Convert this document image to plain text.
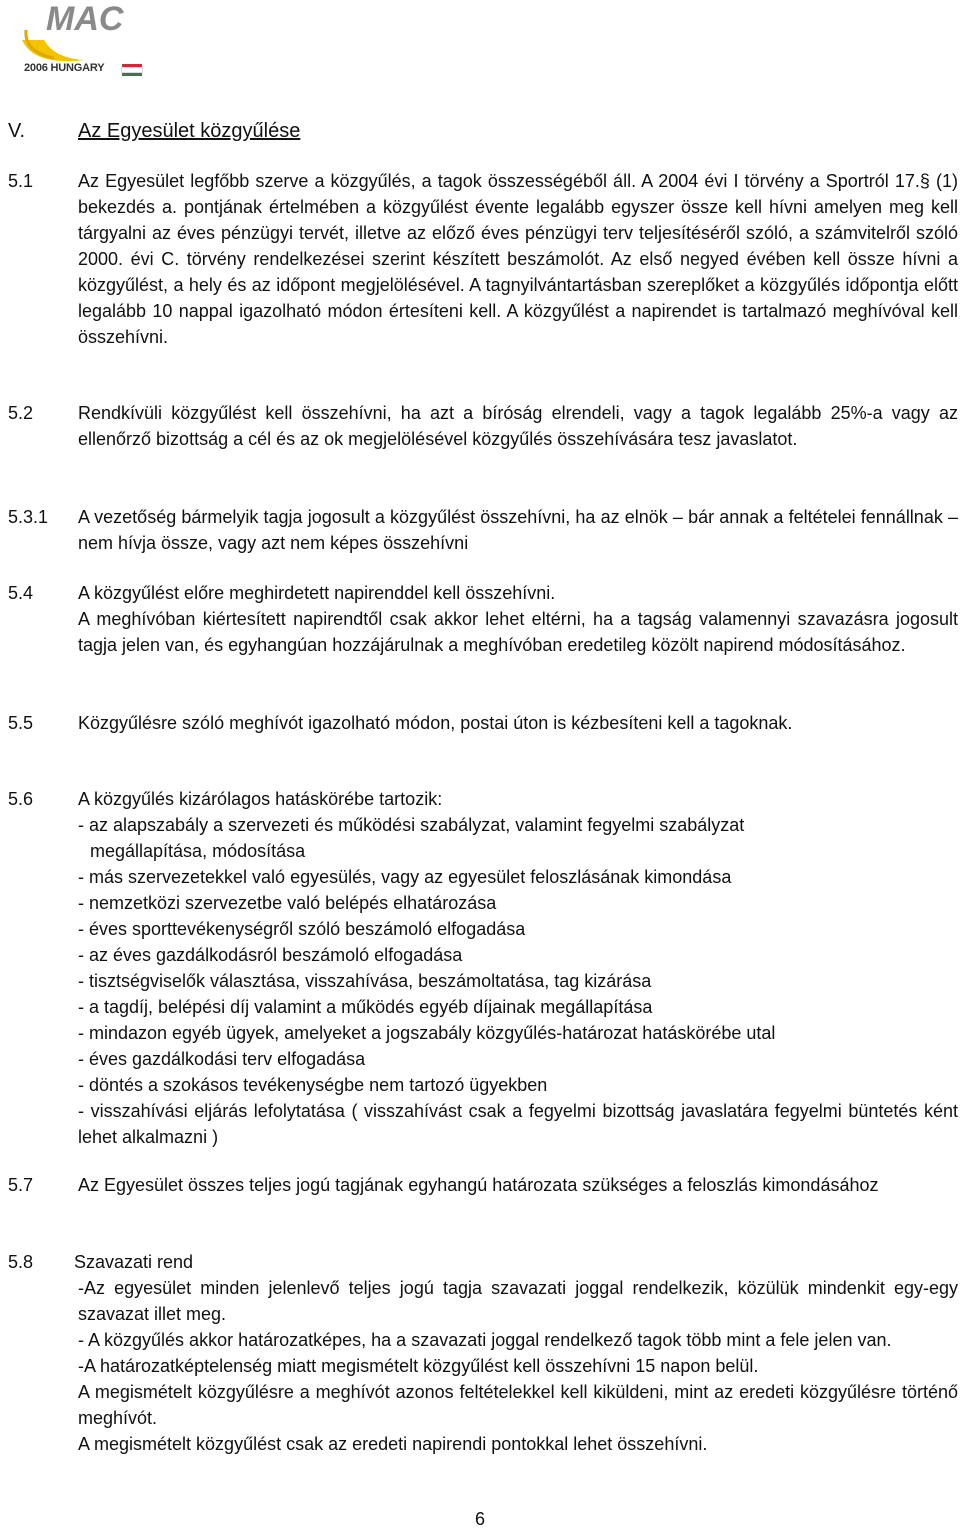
MAC
2006 HUNGARY
V.	Az Egyesület közgyűlése
5.1 Az Egyesület legfőbb szerve a közgyűlés, a tagok összességéből áll. A 2004 évi I törvény a Sportról 17.§ (1) bekezdés a. pontjának értelmében a közgyűlést évente legalább egyszer össze kell hívni amelyen meg kell tárgyalni az éves pénzügyi tervét, illetve az előző éves pénzügyi terv teljesítéséről szóló, a számvitelről szóló 2000. évi C. törvény rendelkezései szerint készített beszámolót. Az első negyed évében kell össze hívni a közgyűlést, a hely és az időpont megjelölésével. A tagnyilvántartásban szereplőket a közgyűlés időpontja előtt legalább 10 nappal igazolható módon értesíteni kell. A közgyűlést a napirendet is tartalmazó meghívóval kell összehívni.

5.2 Rendkívüli közgyűlést kell összehívni, ha azt a bíróság elrendeli, vagy a tagok legalább 25%-a vagy az ellenőrző bizottság a cél és az ok megjelölésével közgyűlés összehívására tesz javaslatot.

5.3.1 A vezetőség bármelyik tagja jogosult a közgyűlést összehívni, ha az elnök – bár annak a feltételei fennállnak – nem hívja össze, vagy azt nem képes összehívni

5.4 A közgyűlést előre meghirdetett napirenddel kell összehívni.

A meghívóban kiértesített napirendtől csak akkor lehet eltérni, ha a tagság valamennyi szavazásra jogosult tagja jelen van, és egyhangúan hozzájárulnak a meghívóban eredetileg közölt napirend módosításához.

5.5 Közgyűlésre szóló meghívót igazolható módon, postai úton is kézbesíteni kell a tagoknak.

5.6 A közgyűlés kizárólagos hatáskörébe tartozik:

- az alapszabály a szervezeti és működési szabályzat, valamint fegyelmi szabályzat

megállapítása, módosítása

- más szervezetekkel való egyesülés, vagy az egyesület feloszlásának kimondása

- nemzetközi szervezetbe való belépés elhatározása

- éves sporttevékenységről szóló beszámoló elfogadása

- az éves gazdálkodásról beszámoló elfogadása

- tisztségviselők választása, visszahívása, beszámoltatása, tag kizárása

- a tagdíj, belépési díj valamint a működés egyéb díjainak megállapítása

- mindazon egyéb ügyek, amelyeket a jogszabály közgyűlés-határozat hatáskörébe utal

- éves gazdálkodási terv elfogadása

- döntés a szokásos tevékenységbe nem tartozó ügyekben

- visszahívási eljárás lefolytatása ( visszahívást csak a fegyelmi bizottság javaslatára fegyelmi büntetés ként lehet alkalmazni )

5.7 Az Egyesület összes teljes jogú tagjának egyhangú határozata szükséges a feloszlás kimondásához

5.8 Szavazati rend

-Az egyesület minden jelenlevő teljes jogú tagja szavazati joggal rendelkezik, közülük mindenkit egy-egy szavazat illet meg.

- A közgyűlés akkor határozatképes, ha a szavazati joggal rendelkező tagok több mint a fele jelen van.

-A határozatképtelenség miatt megismételt közgyűlést kell összehívni 15 napon belül.

A megismételt közgyűlésre a meghívót azonos feltételekkel kell kiküldeni, mint az eredeti közgyűlésre történő meghívót.

A megismételt közgyűlést csak az eredeti napirendi pontokkal lehet összehívni.

6
